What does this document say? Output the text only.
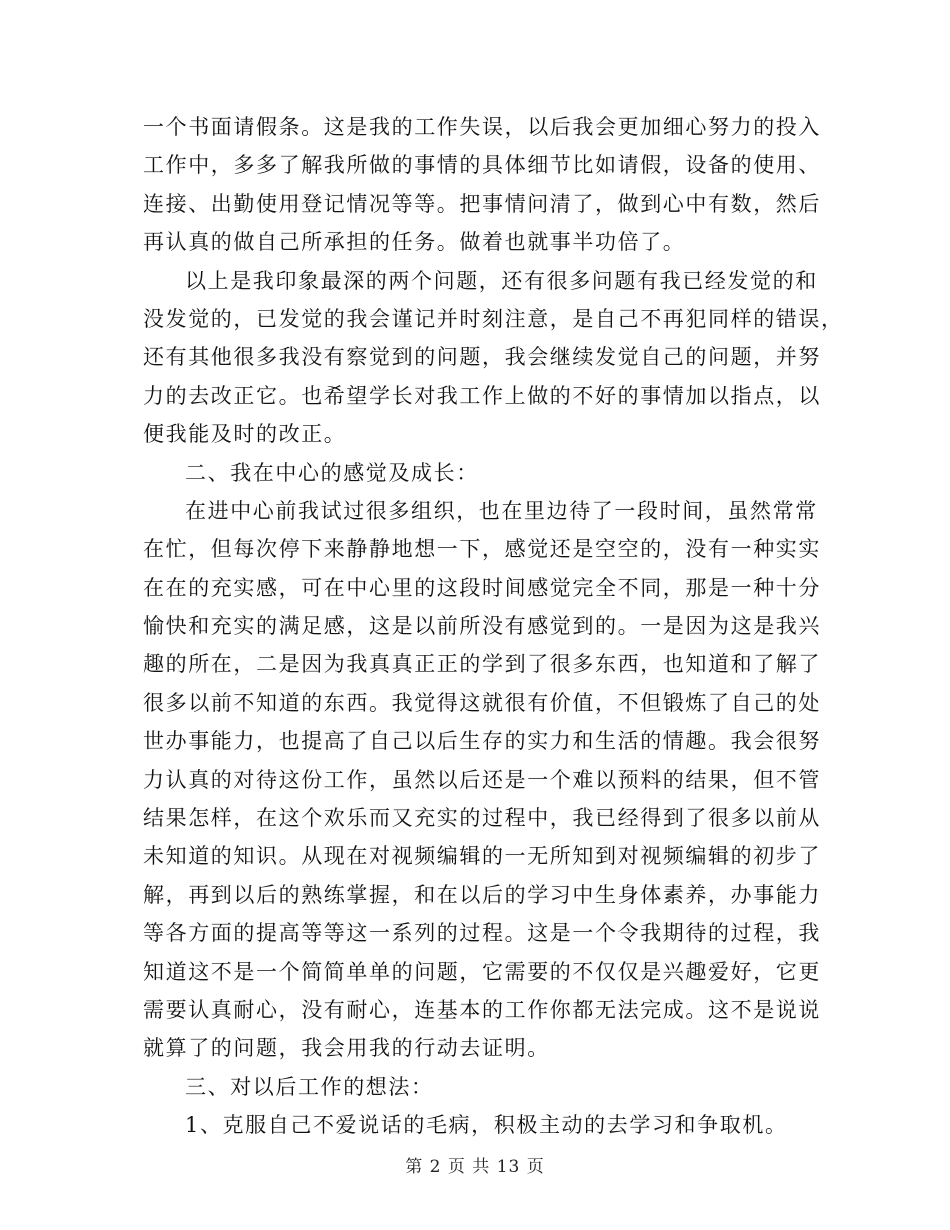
一个书面请假条。这是我的工作失误，以后我会更加细心努力的投入
工作中，多多了解我所做的事情的具体细节比如请假，设备的使用、
连接、出勤使用登记情况等等。把事情问清了，做到心中有数，然后
再认真的做自己所承担的任务。做着也就事半功倍了。
以上是我印象最深的两个问题，还有很多问题有我已经发觉的和
没发觉的，已发觉的我会谨记并时刻注意，是自己不再犯同样的错误，
还有其他很多我没有察觉到的问题，我会继续发觉自己的问题，并努
力的去改正它。也希望学长对我工作上做的不好的事情加以指点，以
便我能及时的改正。
二、我在中心的感觉及成长：
在进中心前我试过很多组织，也在里边待了一段时间，虽然常常
在忙，但每次停下来静静地想一下，感觉还是空空的，没有一种实实
在在的充实感，可在中心里的这段时间感觉完全不同，那是一种十分
愉快和充实的满足感，这是以前所没有感觉到的。一是因为这是我兴
趣的所在，二是因为我真真正正的学到了很多东西，也知道和了解了
很多以前不知道的东西。我觉得这就很有价值，不但锻炼了自己的处
世办事能力，也提高了自己以后生存的实力和生活的情趣。我会很努
力认真的对待这份工作，虽然以后还是一个难以预料的结果，但不管
结果怎样，在这个欢乐而又充实的过程中，我已经得到了很多以前从
未知道的知识。从现在对视频编辑的一无所知到对视频编辑的初步了
解，再到以后的熟练掌握，和在以后的学习中生身体素养，办事能力
等各方面的提高等等这一系列的过程。这是一个令我期待的过程，我
知道这不是一个简简单单的问题，它需要的不仅仅是兴趣爱好，它更
需要认真耐心，没有耐心，连基本的工作你都无法完成。这不是说说
就算了的问题，我会用我的行动去证明。
三、对以后工作的想法：
1、克服自己不爱说话的毛病，积极主动的去学习和争取机。
第 2 页 共 13 页
